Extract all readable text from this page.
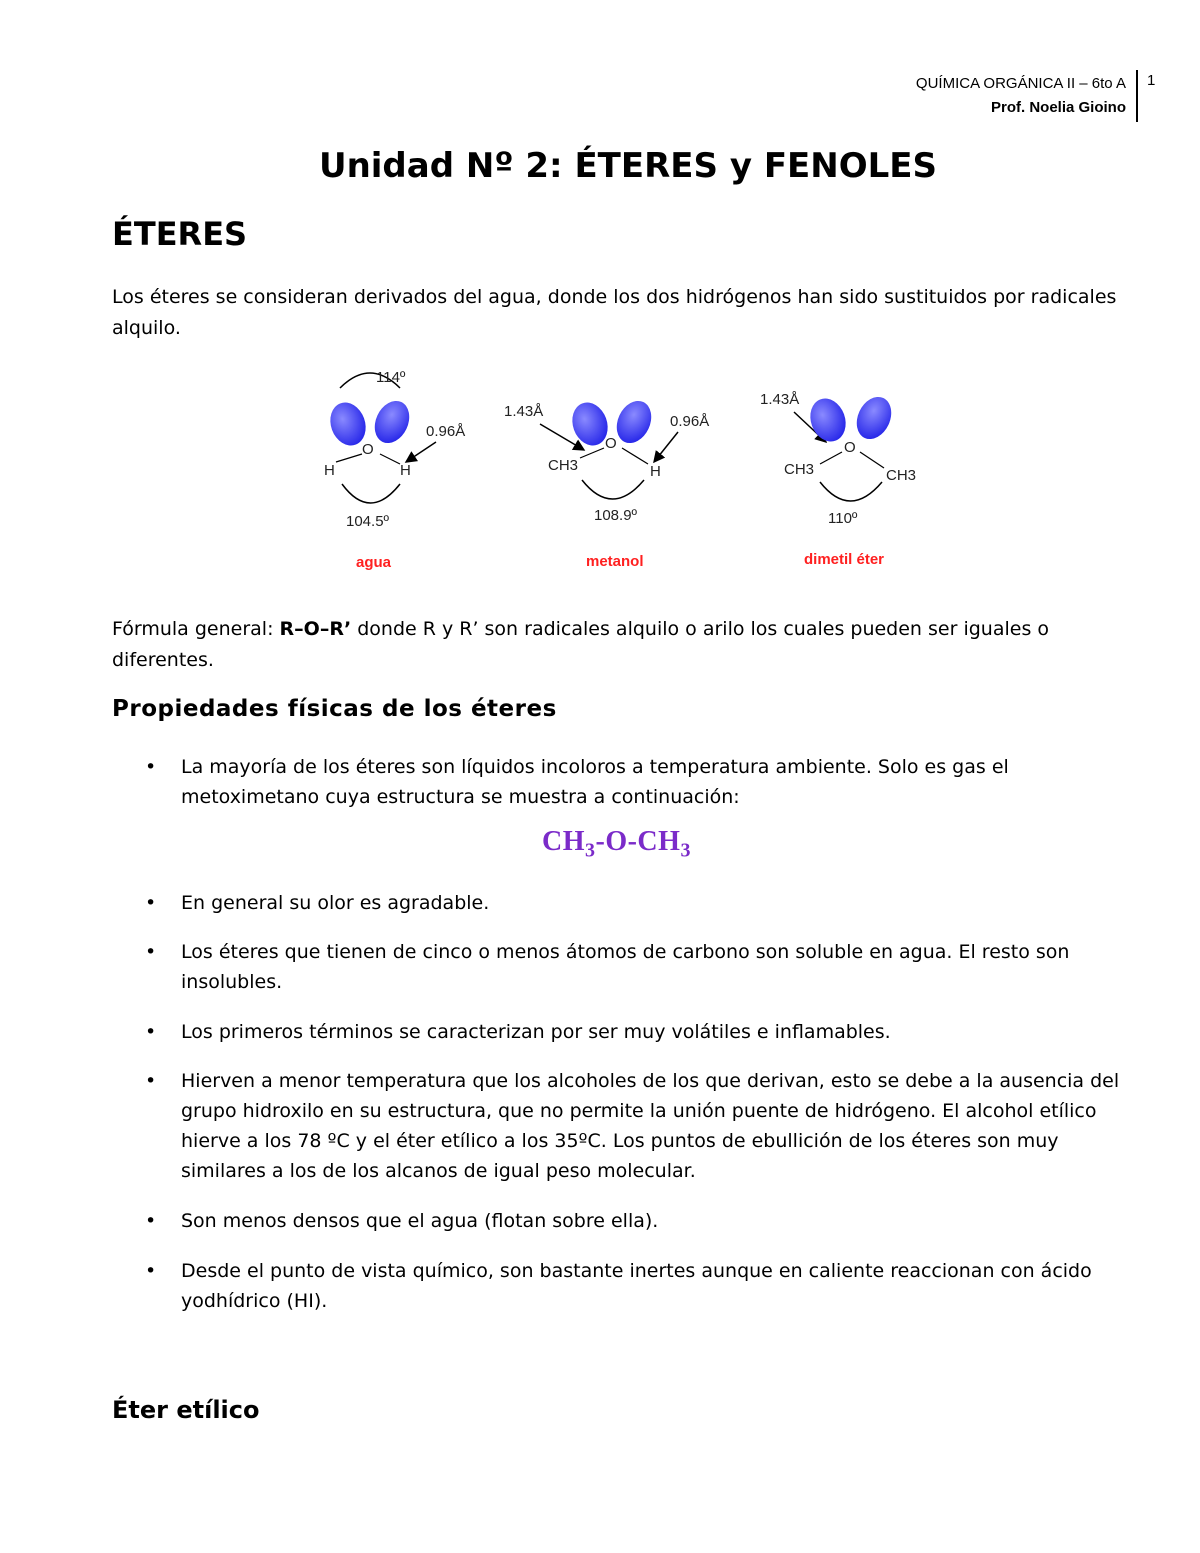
QUÍMICA ORGÁNICA II – 6to A
Prof. Noelia Gioino
1
Unidad Nº 2: ÉTERES y FENOLES
ÉTERES

Los éteres se consideran derivados del agua, donde los dos hidrógenos han sido sustituidos por radicales alquilo.

114º
O
H	H
0.96Å
104.5º
agua
1.43Å
O
CH3	H
0.96Å
108.9º
metanol
1.43Å
O
CH3	CH3
110º
dimetil éter

Fórmula general: R–O–R’ donde R y R’ son radicales alquilo o arilo los cuales pueden ser iguales o diferentes.

Propiedades físicas de los éteres
• La mayoría de los éteres son líquidos incoloros a temperatura ambiente. Solo es gas el metoximetano cuya estructura se muestra a continuación:
• En general su olor es agradable.
• Los éteres que tienen de cinco o menos átomos de carbono son soluble en agua. El resto son insolubles.
• Los primeros términos se caracterizan por ser muy volátiles e inflamables.
• Hierven a menor temperatura que los alcoholes de los que derivan, esto se debe a la ausencia del grupo hidroxilo en su estructura, que no permite la unión puente de hidrógeno. El alcohol etílico hierve a los 78 ºC y el éter etílico a los 35ºC. Los puntos de ebullición de los éteres son muy similares a los de los alcanos de igual peso molecular.
• Son menos densos que el agua (flotan sobre ella).
• Desde el punto de vista químico, son bastante inertes aunque en caliente reaccionan con ácido yodhídrico (HI).
$CH_3-O-CH_3$
Éter etílico
